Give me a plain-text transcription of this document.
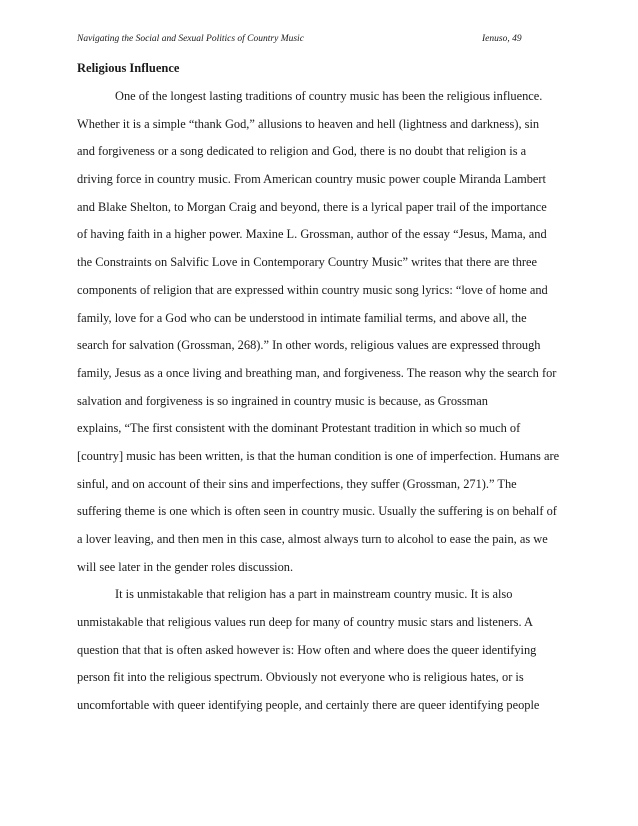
Navigating the Social and Sexual Politics of Country Music	Ienuso, 49
Religious Influence
One of the longest lasting traditions of country music has been the religious influence.
Whether it is a simple “thank God,” allusions to heaven and hell (lightness and darkness), sin
and forgiveness or a song dedicated to religion and God, there is no doubt that religion is a
driving force in country music. From American country music power couple Miranda Lambert
and Blake Shelton, to Morgan Craig and beyond, there is a lyrical paper trail of the importance
of having faith in a higher power. Maxine L. Grossman, author of the essay “Jesus, Mama, and
the Constraints on Salvific Love in Contemporary Country Music” writes that there are three
components of religion that are expressed within country music song lyrics: “love of home and
family, love for a God who can be understood in intimate familial terms, and above all, the
search for salvation (Grossman, 268).” In other words, religious values are expressed through
family, Jesus as a once living and breathing man, and forgiveness. The reason why the search for
salvation and forgiveness is so ingrained in country music is because, as Grossman
explains, “The first consistent with the dominant Protestant tradition in which so much of
[country] music has been written, is that the human condition is one of imperfection. Humans are
sinful, and on account of their sins and imperfections, they suffer (Grossman, 271).” The
suffering theme is one which is often seen in country music. Usually the suffering is on behalf of
a lover leaving, and then men in this case, almost always turn to alcohol to ease the pain, as we
will see later in the gender roles discussion.
It is unmistakable that religion has a part in mainstream country music. It is also
unmistakable that religious values run deep for many of country music stars and listeners. A
question that that is often asked however is: How often and where does the queer identifying
person fit into the religious spectrum. Obviously not everyone who is religious hates, or is
uncomfortable with queer identifying people, and certainly there are queer identifying people
